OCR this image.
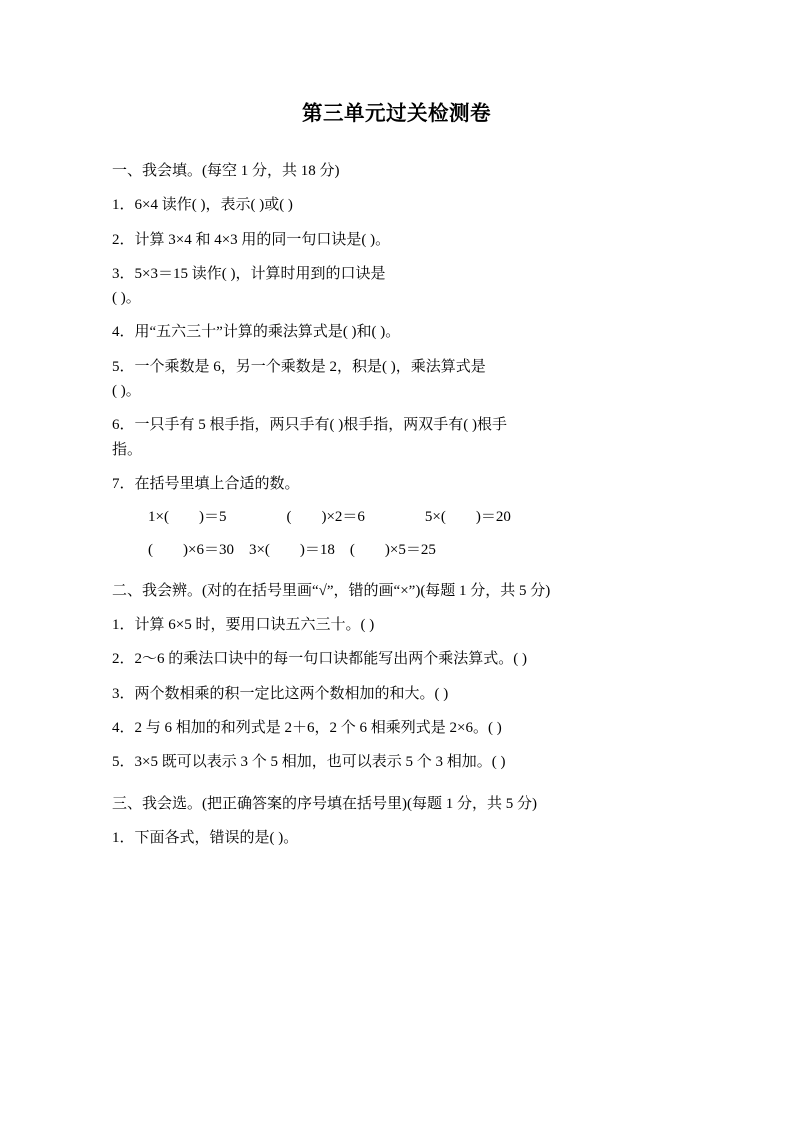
第三单元过关检测卷
一、我会填。(每空 1 分，共 18 分)

1．6×4 读作( )，表示( )或( )

2．计算 3×4 和 4×3 用的同一句口诀是( )。

3．5×3＝15 读作( )，计算时用到的口诀是
( )。

4．用“五六三十”计算的乘法算式是( )和( )。

5．一个乘数是 6，另一个乘数是 2，积是( )，乘法算式是
( )。
6．一只手有 5 根手指，两只手有( )根手指，两双手有( )根手
指。

7．在括号里填上合适的数。

1×(        )＝5                (        )×2＝6                5×(        )＝20
(        )×6＝30    3×(        )＝18    (        )×5＝25
二、我会辨。(对的在括号里画“√”，错的画“×”)(每题 1 分，共 5 分)

1．计算 6×5 时，要用口诀五六三十。( )

2．2～6 的乘法口诀中的每一句口诀都能写出两个乘法算式。( )

3．两个数相乘的积一定比这两个数相加的和大。( )

4．2 与 6 相加的和列式是 2＋6，2 个 6 相乘列式是 2×6。( )

5．3×5 既可以表示 3 个 5 相加，也可以表示 5 个 3 相加。( )

三、我会选。(把正确答案的序号填在括号里)(每题 1 分，共 5 分)

1．下面各式，错误的是( )。
